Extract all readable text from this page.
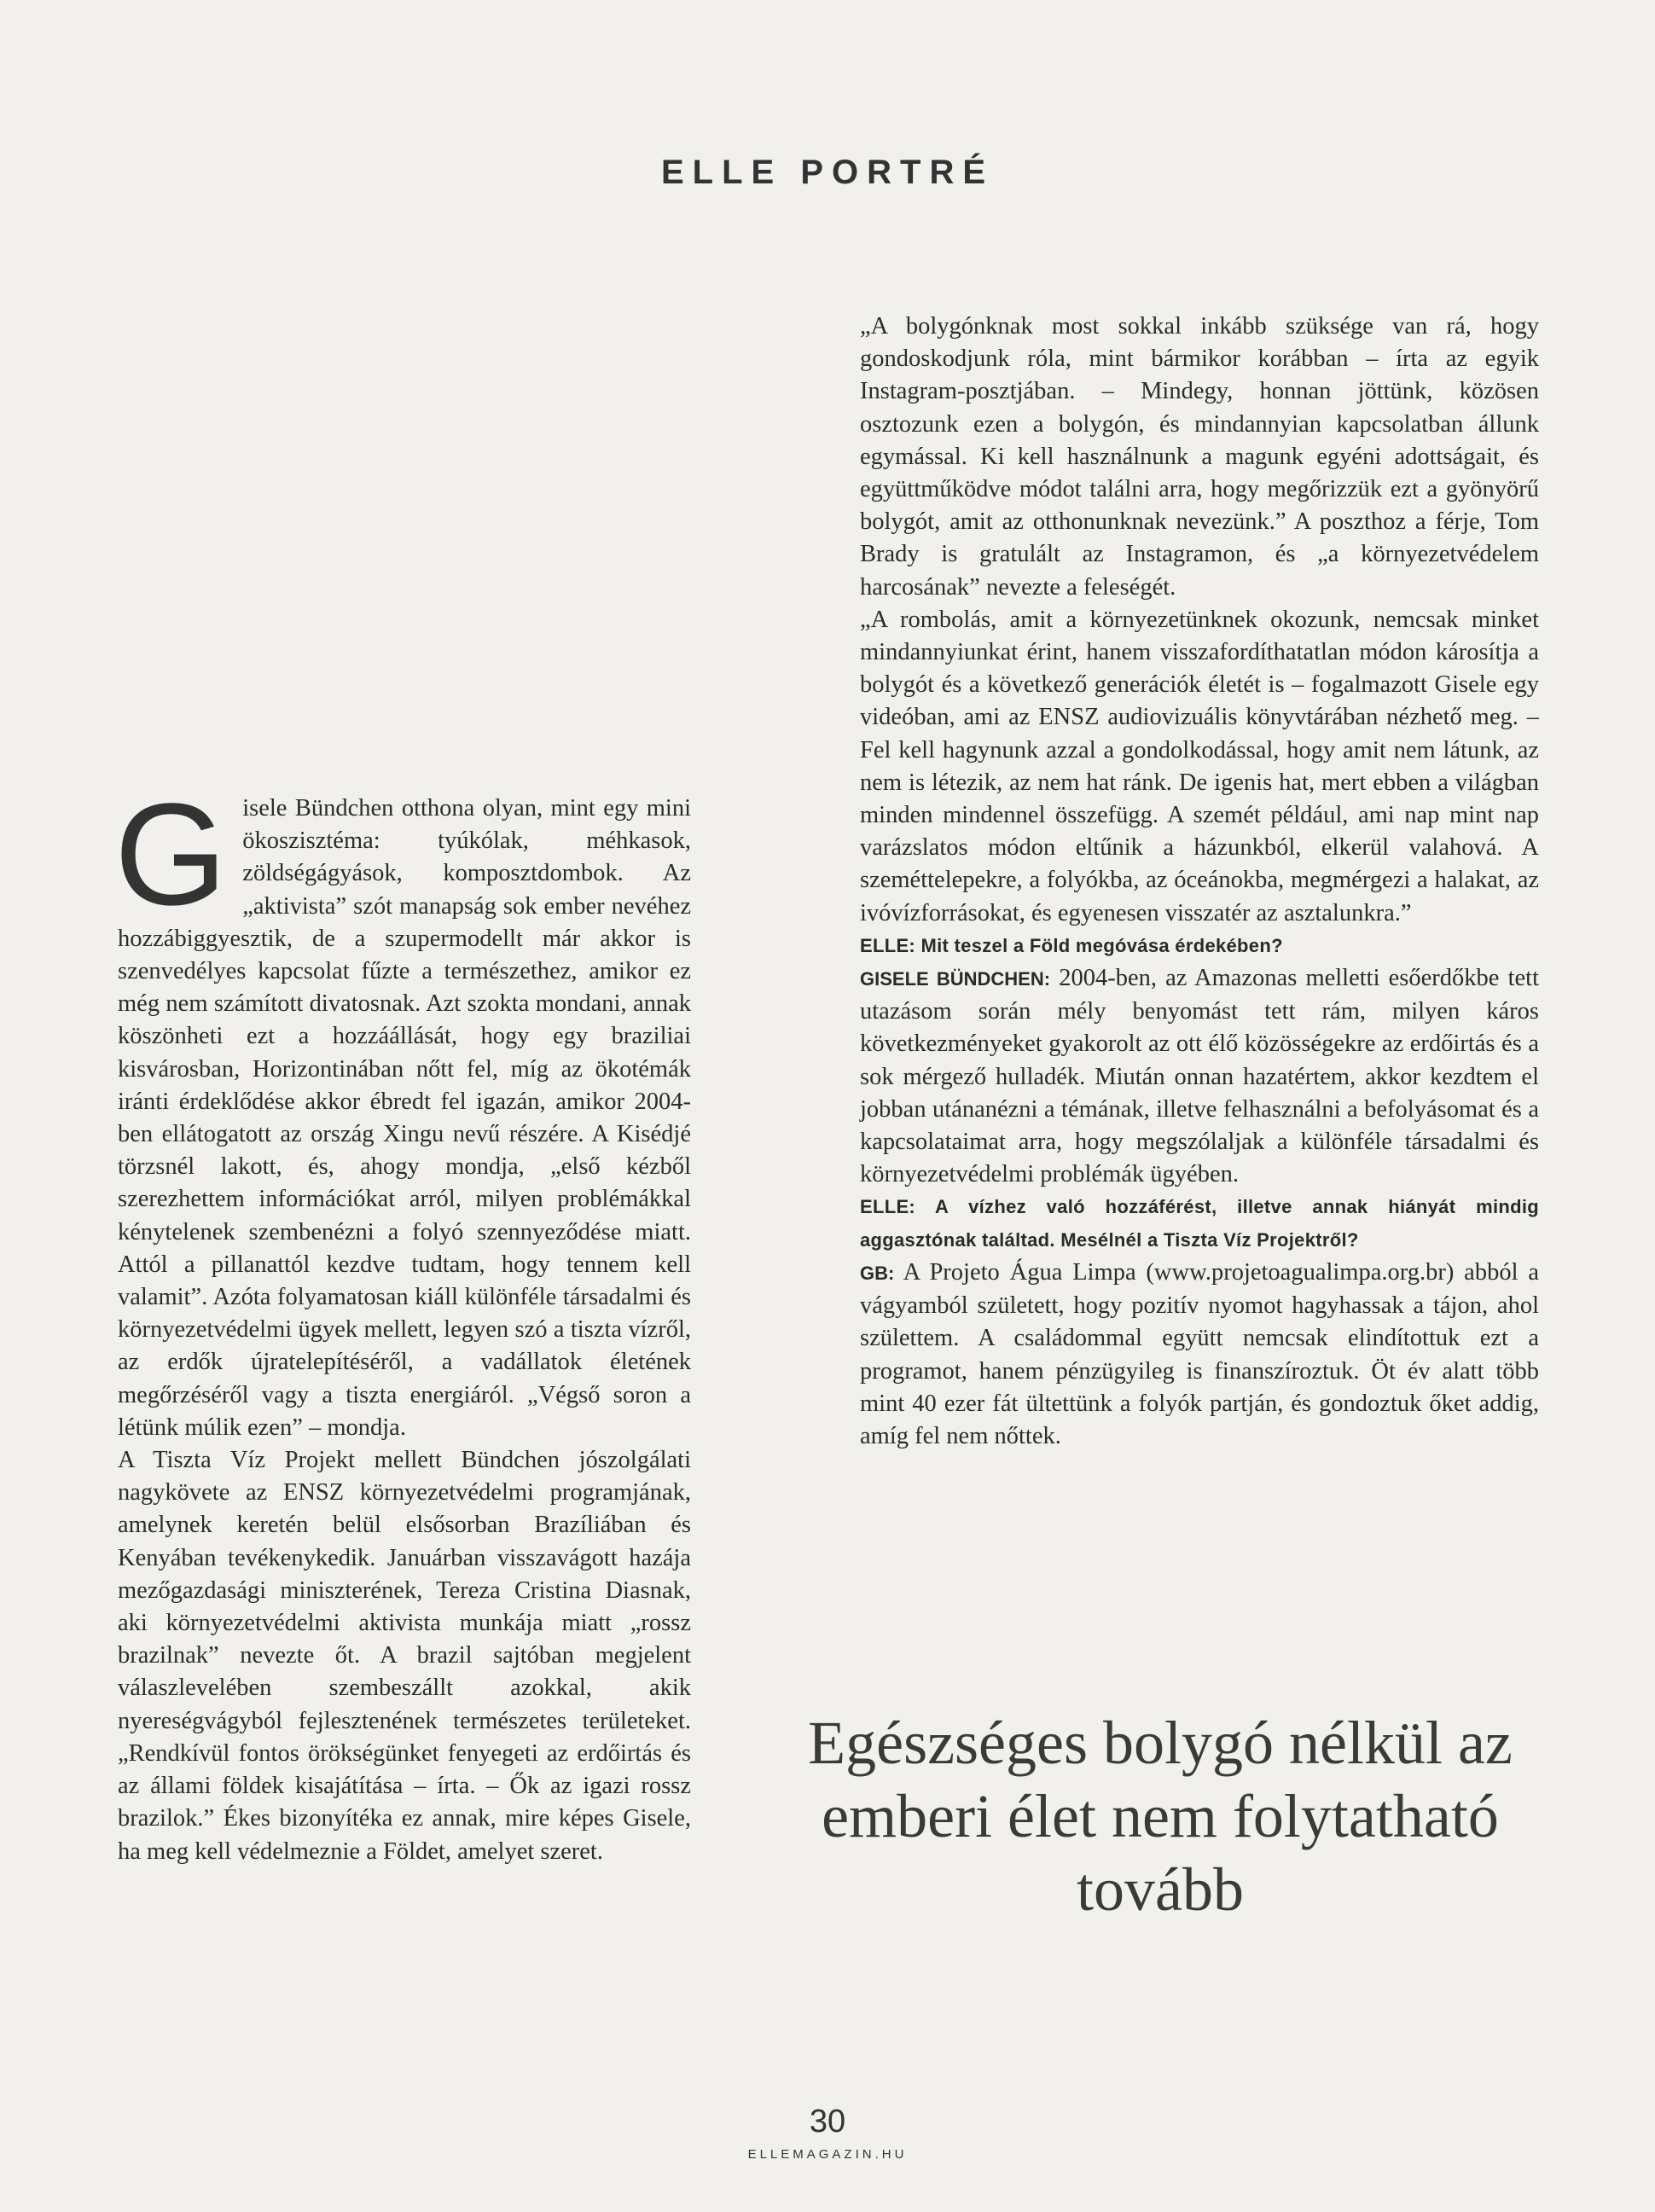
ELLE PORTRÉ
G isele Bündchen otthona olyan, mint egy mini ökoszisztéma: tyúkólak, méhkasok, zöldségágyások, komposztdombok. Az „aktivista” szót manapság sok ember nevéhez hozzábiggyesztik, de a szupermodellt már akkor is szenvedélyes kapcsolat fűzte a természethez, amikor ez még nem számított divatosnak. Azt szokta mondani, annak köszönheti ezt a hozzáállását, hogy egy braziliai kisvárosban, Horizontinában nőtt fel, míg az ökotémák iránti érdeklődése akkor ébredt fel igazán, amikor 2004-ben ellátogatott az ország Xingu nevű részére. A Kisédjé törzsnél lakott, és, ahogy mondja, „első kézből szerezhettem információkat arról, milyen problémákkal kénytelenek szembenézni a folyó szennyeződése miatt. Attól a pillanattól kezdve tudtam, hogy tennem kell valamit”. Azóta folyamatosan kiáll különféle társadalmi és környezetvédelmi ügyek mellett, legyen szó a tiszta vízről, az erdők újratelepítéséről, a vadállatok életének megőrzéséről vagy a tiszta energiáról. „Végső soron a létünk múlik ezen” – mondja.

A Tiszta Víz Projekt mellett Bündchen jószolgálati nagykövete az ENSZ környezetvédelmi programjának, amelynek keretén belül elsősorban Brazíliában és Kenyában tevékenykedik. Januárban visszavágott hazája mezőgazdasági miniszterének, Tereza Cristina Diasnak, aki környezetvédelmi aktivista munkája miatt „rossz brazilnak” nevezte őt. A brazil sajtóban megjelent válaszlevelében szembeszállt azokkal, akik nyereségvágyból fejlesztenének természetes területeket. „Rendkívül fontos örökségünket fenyegeti az erdőirtás és az állami földek kisajátítása – írta. – Ők az igazi rossz brazilok.” Ékes bizonyítéka ez annak, mire képes Gisele, ha meg kell védelmeznie a Földet, amelyet szeret.

„A bolygónknak most sokkal inkább szüksége van rá, hogy gondoskodjunk róla, mint bármikor korábban – írta az egyik Instagram-posztjában. – Mindegy, honnan jöttünk, közösen osztozunk ezen a bolygón, és mindannyian kapcsolatban állunk egymással. Ki kell használnunk a magunk egyéni adottságait, és együttműködve módot találni arra, hogy megőrizzük ezt a gyönyörű bolygót, amit az otthonunknak nevezünk.” A poszthoz a férje, Tom Brady is gratulált az Instagramon, és „a környezetvédelem harcosának” nevezte a feleségét.

„A rombolás, amit a környezetünknek okozunk, nemcsak minket mindannyiunkat érint, hanem visszafordíthatatlan módon károsítja a bolygót és a következő generációk életét is – fogalmazott Gisele egy videóban, ami az ENSZ audiovizuális könyvtárában nézhető meg. – Fel kell hagynunk azzal a gondolkodással, hogy amit nem látunk, az nem is létezik, az nem hat ránk. De igenis hat, mert ebben a világban minden mindennel összefügg. A szemét például, ami nap mint nap varázslatos módon eltűnik a házunkból, elkerül valahová. A szeméttelepekre, a folyókba, az óceánokba, megmérgezi a halakat, az ivóvízforrásokat, és egyenesen visszatér az asztalunkra.”

ELLE: Mit teszel a Föld megóvása érdekében?

GISELE BÜNDCHEN: 2004-ben, az Amazonas melletti esőerdőkbe tett utazásom során mély benyomást tett rám, milyen káros következményeket gyakorolt az ott élő közösségekre az erdőirtás és a sok mérgező hulladék. Miután onnan hazatértem, akkor kezdtem el jobban utánanézni a témának, illetve felhasználni a befolyásomat és a kapcsolataimat arra, hogy megszólaljak a különféle társadalmi és környezetvédelmi problémák ügyében.

ELLE: A vízhez való hozzáférést, illetve annak hiányát mindig aggasztónak találtad. Mesélnél a Tiszta Víz Projektről?

GB: A Projeto Água Limpa (www.projetoagualimpa.org.br) abból a vágyamból született, hogy pozitív nyomot hagyhassak a tájon, ahol születtem. A családommal együtt nemcsak elindítottuk ezt a programot, hanem pénzügyileg is finanszíroztuk. Öt év alatt több mint 40 ezer fát ültettünk a folyók partján, és gondoztuk őket addig, amíg fel nem nőttek.

Egészséges bolygó nélkül az emberi élet nem folytatható tovább

30

ELLEMAGAZIN.HU
